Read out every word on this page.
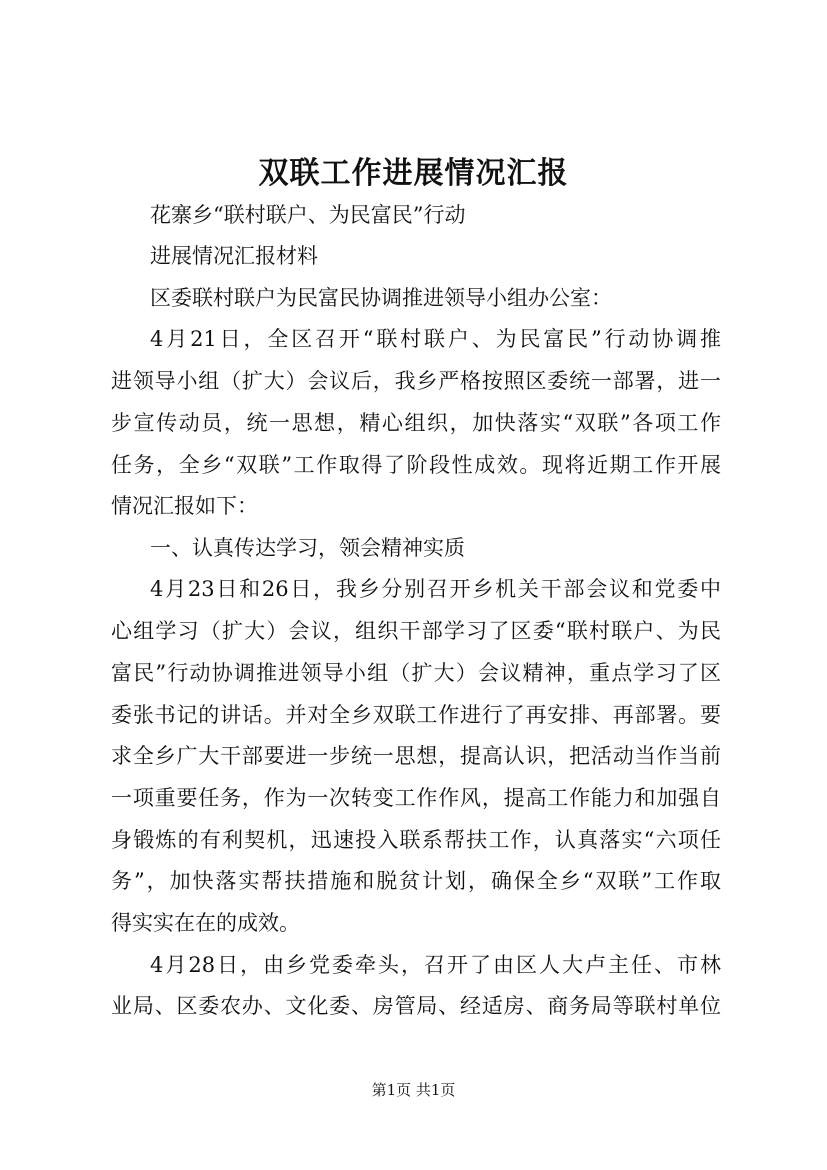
双联工作进展情况汇报

花寨乡“联村联户、为民富民”行动

进展情况汇报材料

区委联村联户为民富民协调推进领导小组办公室：

4月21日，全区召开“联村联户、为民富民”行动协调推

进领导小组（扩大）会议后，我乡严格按照区委统一部署，进一

步宣传动员，统一思想，精心组织，加快落实“双联”各项工作

任务，全乡“双联”工作取得了阶段性成效。现将近期工作开展

情况汇报如下：

一、认真传达学习，领会精神实质

4月23日和26日，我乡分别召开乡机关干部会议和党委中

心组学习（扩大）会议，组织干部学习了区委“联村联户、为民

富民”行动协调推进领导小组（扩大）会议精神，重点学习了区

委张书记的讲话。并对全乡双联工作进行了再安排、再部署。要

求全乡广大干部要进一步统一思想，提高认识，把活动当作当前

一项重要任务，作为一次转变工作作风，提高工作能力和加强自

身锻炼的有利契机，迅速投入联系帮扶工作，认真落实“六项任

务”，加快落实帮扶措施和脱贫计划，确保全乡“双联”工作取

得实实在在的成效。

4月28日，由乡党委牵头，召开了由区人大卢主任、市林

业局、区委农办、文化委、房管局、经适房、商务局等联村单位

第1页 共1页
